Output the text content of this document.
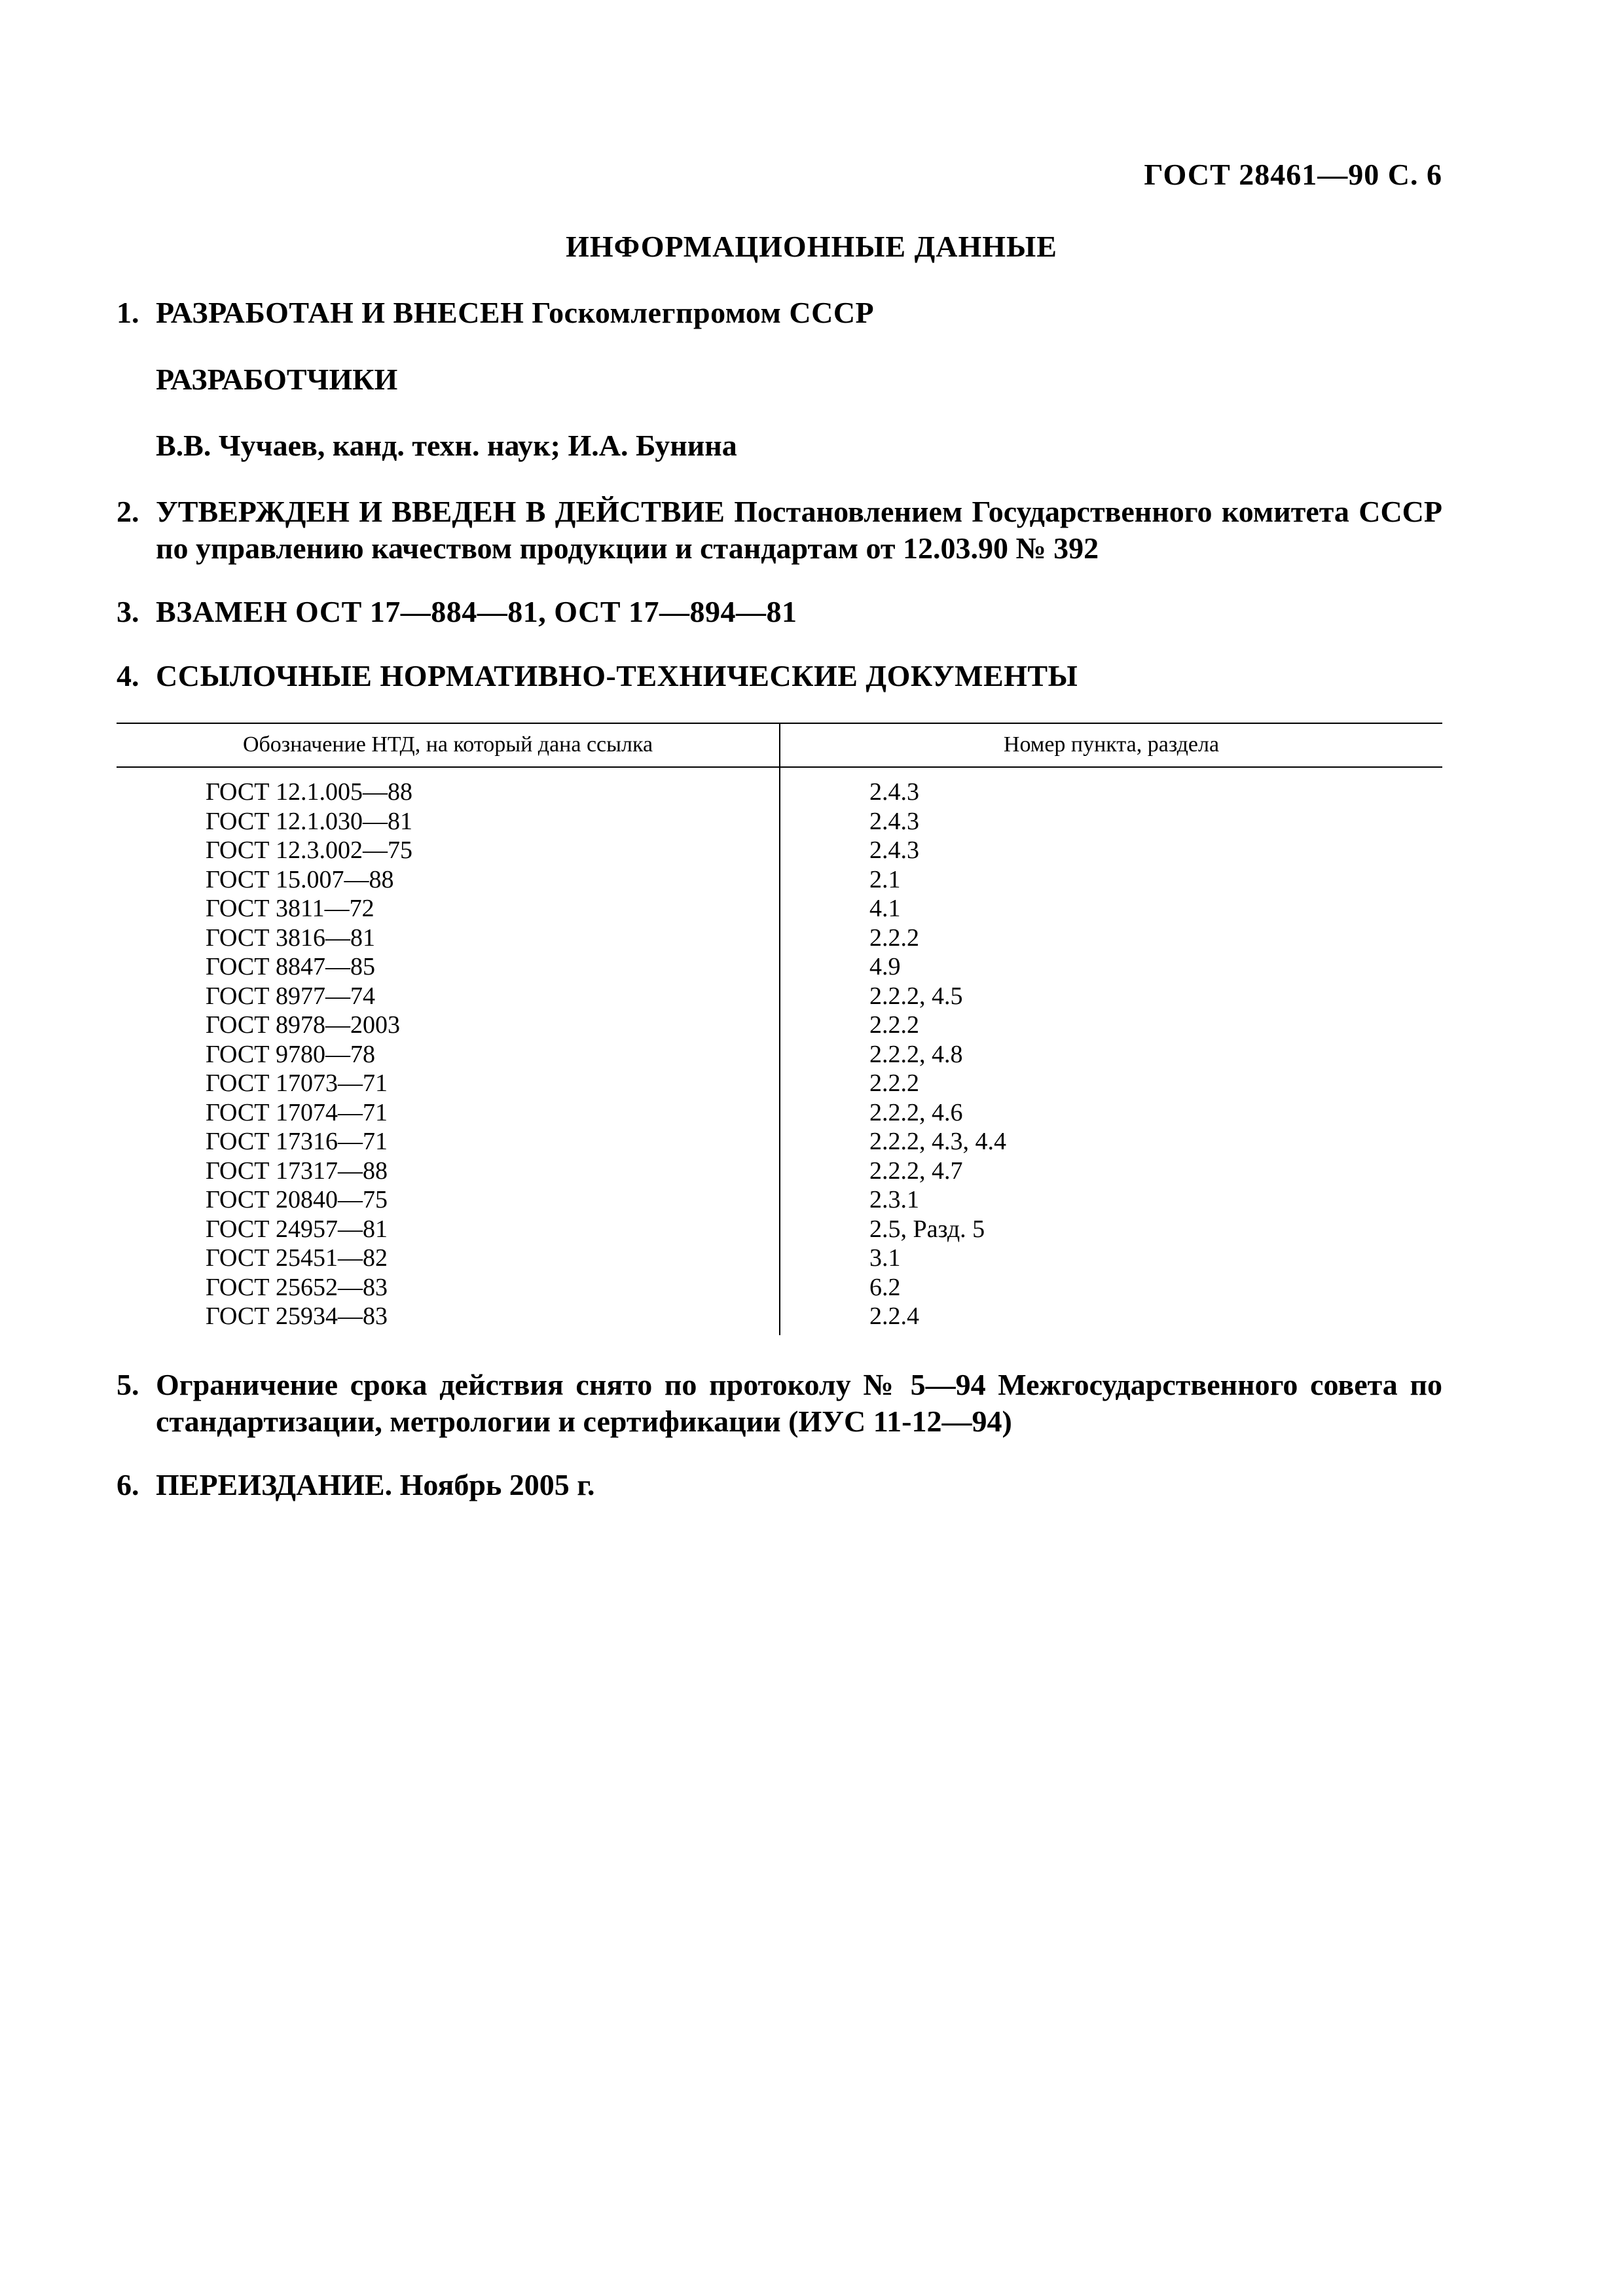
ГОСТ 28461—90 С. 6
ИНФОРМАЦИОННЫЕ ДАННЫЕ
1. РАЗРАБОТАН И ВНЕСЕН Госкомлегпромом СССР
РАЗРАБОТЧИКИ
В.В. Чучаев, канд. техн. наук; И.А. Бунина
2. УТВЕРЖДЕН И ВВЕДЕН В ДЕЙСТВИЕ Постановлением Государственного комитета СССР по управлению качеством продукции и стандартам от 12.03.90 № 392
3. ВЗАМЕН ОСТ 17—884—81, ОСТ 17—894—81
4. ССЫЛОЧНЫЕ НОРМАТИВНО-ТЕХНИЧЕСКИЕ ДОКУМЕНТЫ
Обозначение НТД, на который дана ссылка	Номер пункта, раздела
ГОСТ 12.1.005—88	2.4.3
ГОСТ 12.1.030—81	2.4.3
ГОСТ 12.3.002—75	2.4.3
ГОСТ 15.007—88	2.1
ГОСТ 3811—72	4.1
ГОСТ 3816—81	2.2.2
ГОСТ 8847—85	4.9
ГОСТ 8977—74	2.2.2, 4.5
ГОСТ 8978—2003	2.2.2
ГОСТ 9780—78	2.2.2, 4.8
ГОСТ 17073—71	2.2.2
ГОСТ 17074—71	2.2.2, 4.6
ГОСТ 17316—71	2.2.2, 4.3, 4.4
ГОСТ 17317—88	2.2.2, 4.7
ГОСТ 20840—75	2.3.1
ГОСТ 24957—81	2.5, Разд. 5
ГОСТ 25451—82	3.1
ГОСТ 25652—83	6.2
ГОСТ 25934—83	2.2.4
5. Ограничение срока действия снято по протоколу № 5—94 Межгосударственного совета по стандартизации, метрологии и сертификации (ИУС 11-12—94)
6. ПЕРЕИЗДАНИЕ. Ноябрь 2005 г.
